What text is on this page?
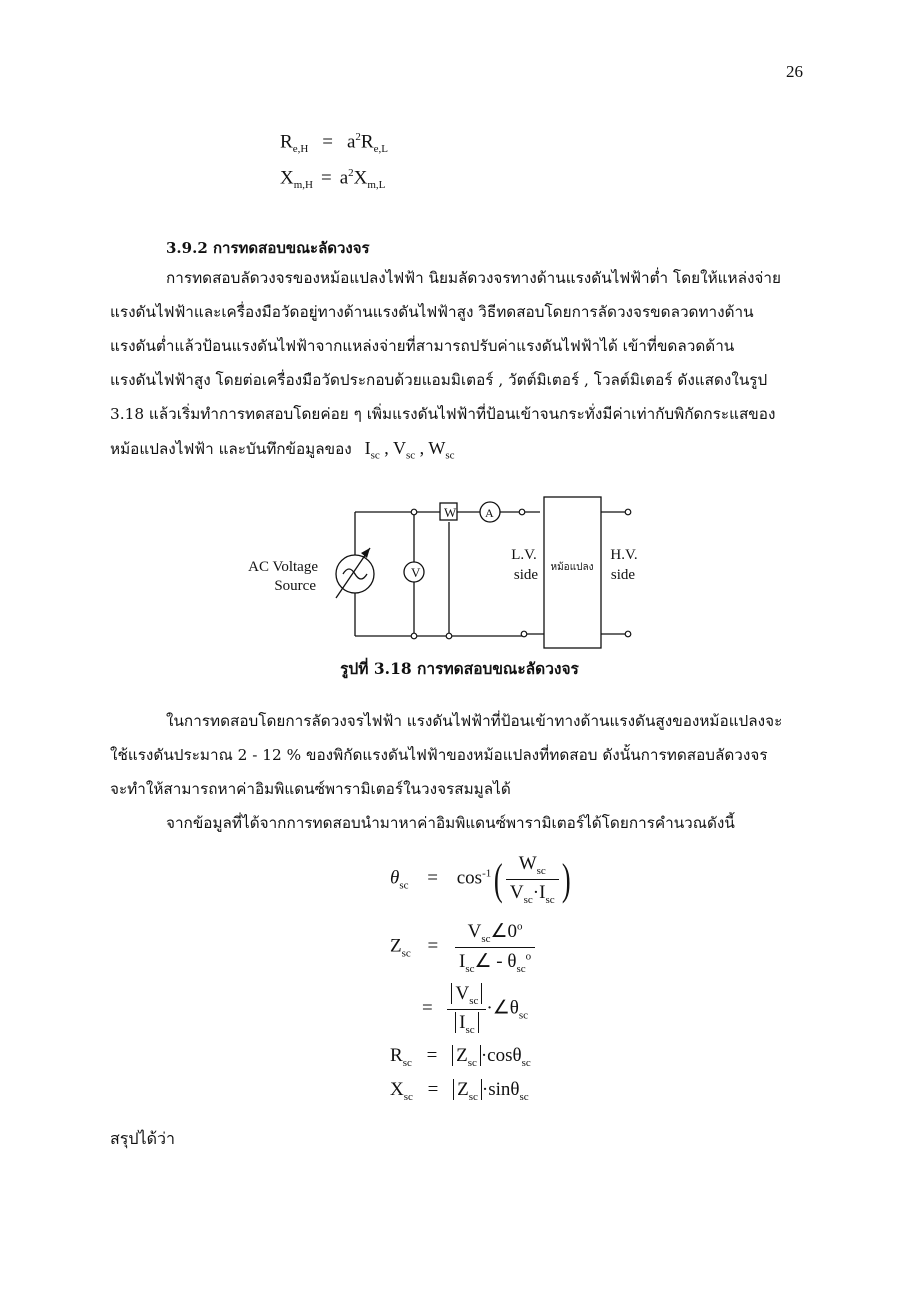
26
$R_{e,H} = a^2R_{e,L}$
$X_{m,H} = a^2X_{m,L}$
3.9.2 การทดสอบขณะลัดวงจร
การทดสอบลัดวงจรของหม้อแปลงไฟฟ้า นิยมลัดวงจรทางด้านแรงดันไฟฟ้าต่ำ โดยให้แหล่งจ่าย
แรงดันไฟฟ้าและเครื่องมือวัดอยู่ทางด้านแรงดันไฟฟ้าสูง วิธีทดสอบโดยการลัดวงจรขดลวดทางด้าน
แรงดันต่ำแล้วป้อนแรงดันไฟฟ้าจากแหล่งจ่ายที่สามารถปรับค่าแรงดันไฟฟ้าได้ เข้าที่ขดลวดด้าน
แรงดันไฟฟ้าสูง โดยต่อเครื่องมือวัดประกอบด้วยแอมมิเตอร์ , วัตต์มิเตอร์ , โวลต์มิเตอร์ ดังแสดงในรูป
3.18 แล้วเริ่มทำการทดสอบโดยค่อย ๆ เพิ่มแรงดันไฟฟ้าที่ป้อนเข้าจนกระทั่งมีค่าเท่ากับพิกัดกระแสของ
หม้อแปลงไฟฟ้า และบันทึกข้อมูลของ $I_{sc}$ , $V_{sc}$ , $W_{sc}$
V
W A
AC Voltage
Source
L.V.
side
H.V.
side
หม้อแปลง
รูปที่ 3.18 การทดสอบขณะลัดวงจร
ในการทดสอบโดยการลัดวงจรไฟฟ้า แรงดันไฟฟ้าที่ป้อนเข้าทางด้านแรงดันสูงของหม้อแปลงจะ
ใช้แรงดันประมาณ 2 - 12 % ของพิกัดแรงดันไฟฟ้าของหม้อแปลงที่ทดสอบ ดังนั้นการทดสอบลัดวงจร
จะทำให้สามารถหาค่าอิมพิแดนซ์พารามิเตอร์ในวงจรสมมูลได้
จากข้อมูลที่ได้จากการทดสอบนำมาหาค่าอิมพิแดนซ์พารามิเตอร์ได้โดยการคำนวณดังนี้
$\theta_{sc} = \cos^{-1}( \frac{W_{sc}}{V_{sc}\cdot I_{sc}}$ )
$Z_{sc} = \frac{V_{sc}\angle 0^o}{I_{sc}\angle - \theta_{sc}^o}$
= $\frac{V_{sc}}{I_{sc}}$ $\cdot\angle\theta_{sc}$
$R_{sc} = Z_{sc} \cdot\cos\theta_{sc}$
$X_{sc} = Z_{sc} \cdot\sin\theta_{sc}$
สรุปได้ว่า
